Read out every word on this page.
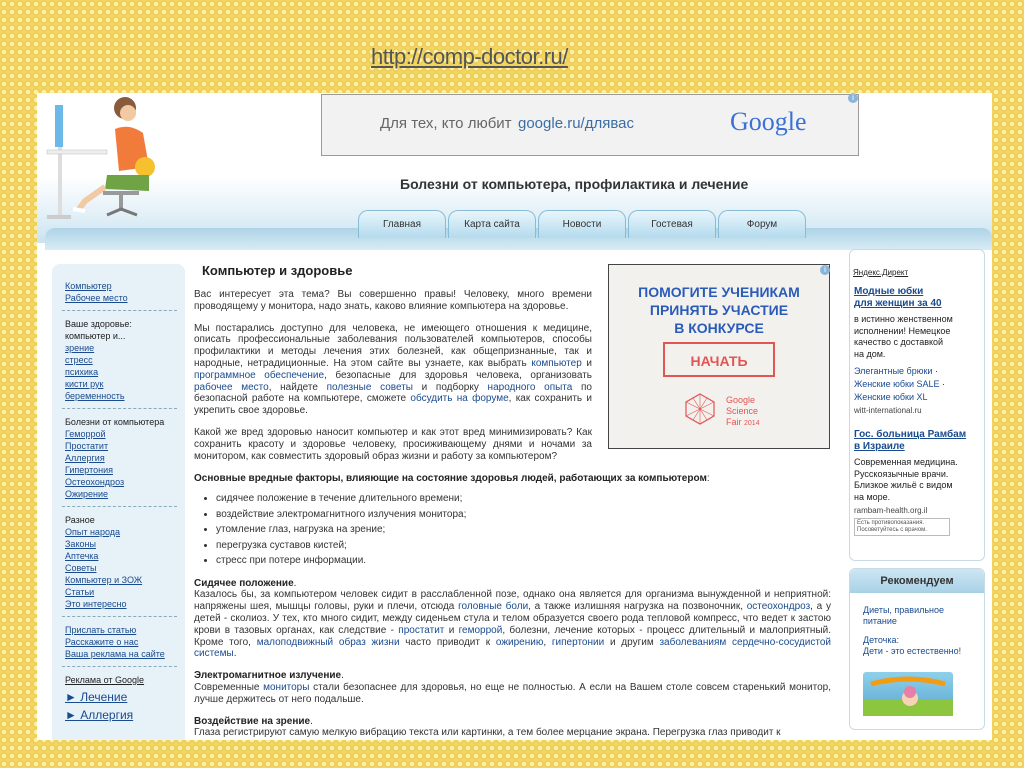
http://comp-doctor.ru/
Для тех, кто любит google.ru/дляваc	Google
i
Болезни от компьютера, профилактика и лечение
Главная	Карта сайта	Новости	Гостевая	Форум
Компьютер
Рабочее место
Ваше здоровье:
компьютер и...
зрение
стресс
психика
кисти рук
беременность
Болезни от компьютера
Геморрой
Простатит
Аллергия
Гипертония
Остеохондроз
Ожирение
Разное
Опыт народа
Законы
Аптечка
Советы
Компьютер и ЗОЖ
Статьи
Это интересно
Прислать статью
Расскажите о нас
Ваша реклама на сайте
Реклама от Google
► Лечение
► Аллергия
Компьютер и здоровье

Вас интересует эта тема? Вы совершенно правы! Человеку, много времени проводящему у монитора, надо знать, каково влияние компьютера на здоровье.

Мы постарались доступно для человека, не имеющего отношения к медицине, описать профессиональные заболевания пользователей компьютеров, способы профилактики и методы лечения этих болезней, как общепризнанные, так и народные, нетрадиционные. На этом сайте вы узнаете, как выбрать компьютер и программное обеспечение, безопасные для здоровья человека, организовать рабочее место, найдете полезные советы и подборку народного опыта по безопасной работе на компьютере, сможете обсудить на форуме, как сохранить и укрепить свое здоровье.

Какой же вред здоровью наносит компьютер и как этот вред минимизировать? Как сохранить красоту и здоровье человеку, просиживающему днями и ночами за монитором, как совместить здоровый образ жизни и работу за компьютером?

Основные вредные факторы, влияющие на состояние здоровья людей, работающих за компьютером:

• сидячее положение в течение длительного времени;
• воздействие электромагнитного излучения монитора;
• утомление глаз, нагрузка на зрение;
• перегрузка суставов кистей;
• стресс при потере информации.

Сидячее положение.

Казалось бы, за компьютером человек сидит в расслабленной позе, однако она является для организма вынужденной и неприятной: напряжены шея, мышцы головы, руки и плечи, отсюда головные боли, а также излишняя нагрузка на позвоночник, остеохондроз, а у детей - сколиоз. У тех, кто много сидит, между сиденьем стула и телом образуется своего рода тепловой компресс, что ведет к застою крови в тазовых органах, как следствие - простатит и геморрой, болезни, лечение которых - процесс длительный и малоприятный. Кроме того, малоподвижный образ жизни часто приводит к ожирению, гипертонии и другим заболеваниям сердечно-сосудистой системы.

Электромагнитное излучение.

Современные мониторы стали безопаснее для здоровья, но еще не полностью. А если на Вашем столе совсем старенький монитор, лучше держитесь от него подальше.

Воздействие на зрение.

Глаза регистрируют самую мелкую вибрацию текста или картинки, а тем более мерцание экрана. Перегрузка глаз приводит к

ПОМОГИТЕ УЧЕНИКАМ
ПРИНЯТЬ УЧАСТИЕ
В КОНКУРСЕ
НАЧАТЬ
Google
Science
Fair 2014
i	Яндекс.Директ
Модные юбки
для женщин за 40
в истинно женственном
исполнении! Немецкое
качество с доставкой
на дом.
Элегантные брюки ·
Женские юбки SALE ·
Женские юбки XL
witt-international.ru
Гос. больница Рамбам
в Израиле
Современная медицина.
Русскоязычные врачи.
Близкое жильё с видом
на море.
rambam-health.org.il
Есть противопоказания.
Посоветуйтесь с врачом.
Рекомендуем
Диеты, правильное
питание
Деточка:
Дети - это естественно!
